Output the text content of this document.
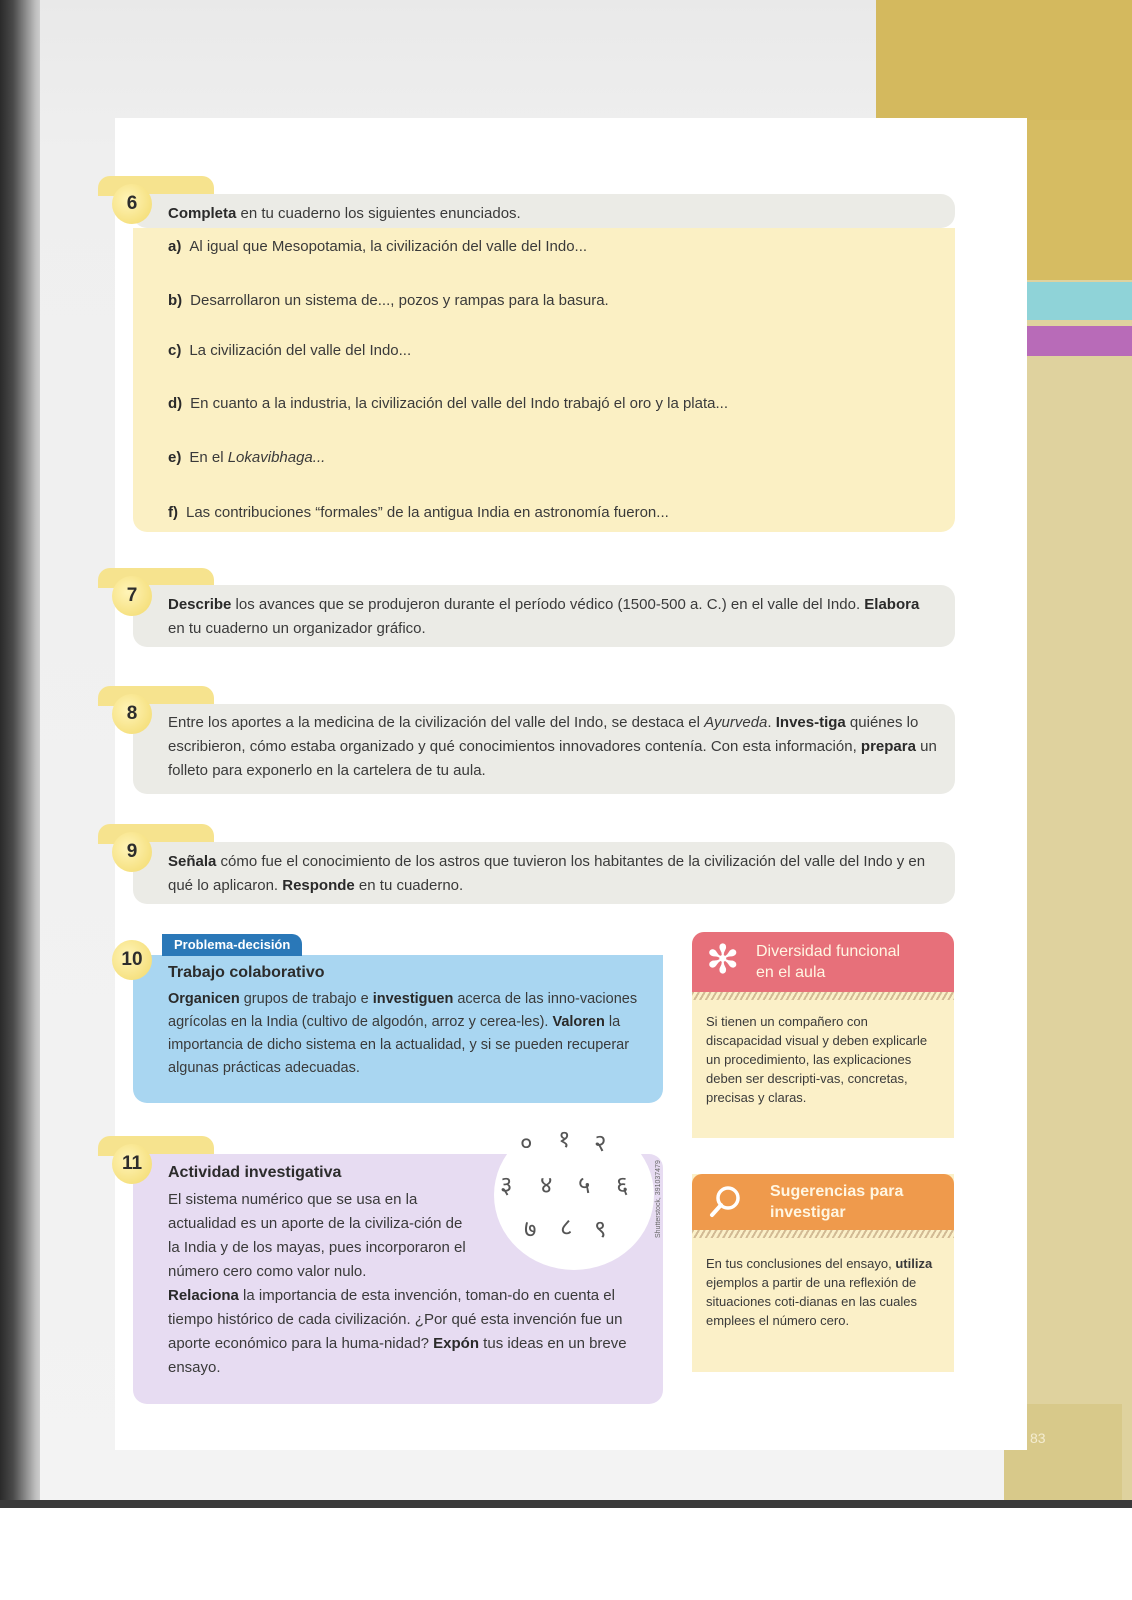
83
6	Completa en tu cuaderno los siguientes enunciados.
a) Al igual que Mesopotamia, la civilización del valle del Indo...
b) Desarrollaron un sistema de..., pozos y rampas para la basura.
c) La civilización del valle del Indo...
d) En cuanto a la industria, la civilización del valle del Indo trabajó el oro y la plata...
e) En el Lokavibhaga...
f) Las contribuciones “formales” de la antigua India en astronomía fueron...
7	Describe los avances que se produjeron durante el período védico (1500-500 a. C.) en el valle del Indo. Elabora en tu cuaderno un organizador gráfico.
8	Entre los aportes a la medicina de la civilización del valle del Indo, se destaca el Ayurveda. Inves-tiga quiénes lo escribieron, cómo estaba organizado y qué conocimientos innovadores contenía. Con esta información, prepara un folleto para exponerlo en la cartelera de tu aula.
9	Señala cómo fue el conocimiento de los astros que tuvieron los habitantes de la civilización del valle del Indo y en qué lo aplicaron. Responde en tu cuaderno.
Problema-decisión
10
Trabajo colaborativo
Organicen grupos de trabajo e investiguen acerca de las inno-vaciones agrícolas en la India (cultivo de algodón, arroz y cerea-les). Valoren la importancia de dicho sistema en la actualidad, y si se pueden recuperar algunas prácticas adecuadas.
11
० १ २
३ ४ ५ ६
७ ८ ९	Shutterstock, 391037479
Actividad investigativa
El sistema numérico que se usa en la actualidad es un aporte de la civiliza-ción de la India y de los mayas, pues incorporaron el número cero como valor nulo.
Relaciona la importancia de esta invención, toman-do en cuenta el tiempo histórico de cada civilización. ¿Por qué esta invención fue un aporte económico para la huma-nidad? Expón tus ideas en un breve ensayo.
✻ Diversidad funcional
en el aula
Si tienen un compañero con discapacidad visual y deben explicarle un procedimiento, las explicaciones deben ser descripti-vas, concretas, precisas y claras.
Sugerencias para
investigar
En tus conclusiones del ensayo, utiliza ejemplos a partir de una reflexión de situaciones coti-dianas en las cuales emplees el número cero.
